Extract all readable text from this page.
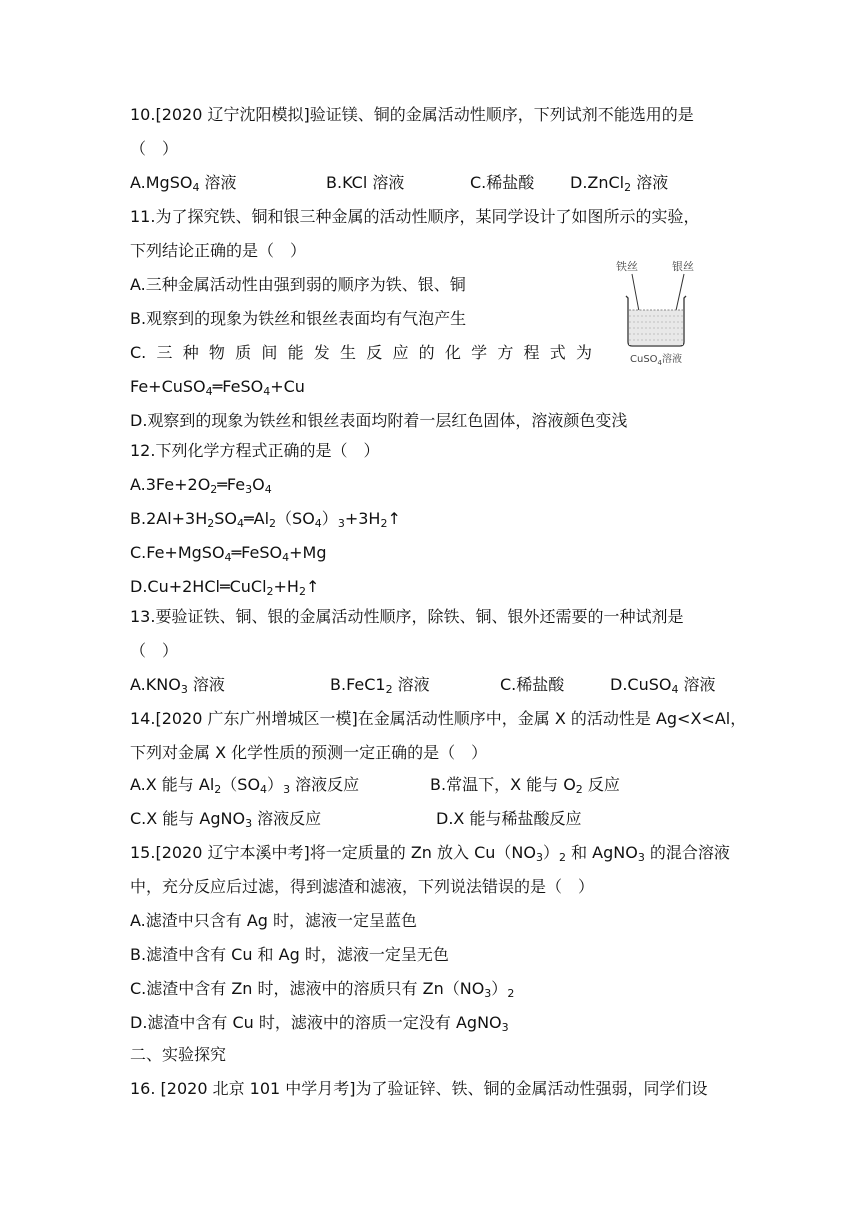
10.[2020 辽宁沈阳模拟]验证镁、铜的金属活动性顺序，下列试剂不能选用的是
（　）
A.MgSO$_4$ 溶液	B.KCl 溶液	C.稀盐酸 D.ZnCl$_2$ 溶液
11.为了探究铁、铜和银三种金属的活动性顺序，某同学设计了如图所示的实验，
下列结论正确的是（　）
A.三种金属活动性由强到弱的顺序为铁、银、铜
B.观察到的现象为铁丝和银丝表面均有气泡产生
C. 三 种 物 质 间 能 发 生 反 应 的 化 学 方 程 式 为
Fe+CuSO$_4$═FeSO$_4$+Cu
D.观察到的现象为铁丝和银丝表面均附着一层红色固体，溶液颜色变浅
铁丝	银丝
CuSO$_4$溶液
12.下列化学方程式正确的是（　）
$A.3Fe+2O_2═Fe_3O_4$
$B.2Al+3H_2SO_4═Al_2(SO_4)_3+3H_2↑$
C.Fe+MgSO$_4$═FeSO$_4$+Mg
$D.Cu+2HCl═CuCl_2+H_2↑$
13.要验证铁、铜、银的金属活动性顺序，除铁、铜、银外还需要的一种试剂是
（　）
$A.KNO_3$ 溶液	$B.FeC1_2$ 溶液	C.稀盐酸	D.CuSO$_4$ 溶液
14.[2020 广东广州增城区一模]在金属活动性顺序中，金属 X 的活动性是 Ag<X<Al，
下列对金属 X 化学性质的预测一定正确的是（　）
A.X 能与 $Al_2(SO_4)_3$ 溶液反应	B.常温下，X 能与 $O_2$ 反应
C.X 能与 AgNO$_3$ 溶液反应	D.X 能与稀盐酸反应
15.[2020 辽宁本溪中考]将一定质量的 Zn 放入 $Cu(NO_3)_2$ 和 AgNO$_3$ 的混合溶液
中，充分反应后过滤，得到滤渣和滤液，下列说法错误的是（　）
A.滤渣中只含有 Ag 时，滤液一定呈蓝色
B.滤渣中含有 Cu 和 Ag 时，滤液一定呈无色
C.滤渣中含有 Zn 时，滤液中的溶质只有 $Zn(NO_3)_2$
D.滤渣中含有 Cu 时，滤液中的溶质一定没有 AgNO$_3$
二、实验探究
16. [2020 北京 101 中学月考]为了验证锌、铁、铜的金属活动性强弱，同学们设
